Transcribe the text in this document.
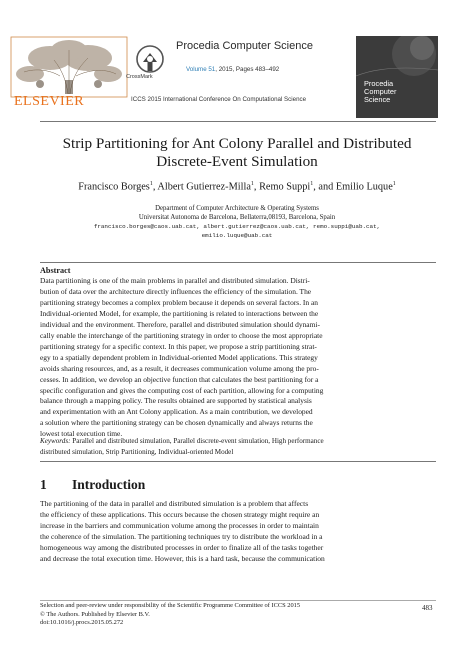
ELSEVIER
CrossMark
Procedia Computer Science
Volume 51, 2015, Pages 483–492
ICCS 2015 International Conference On Computational Science
Procedia
Computer
Science
Strip Partitioning for Ant Colony Parallel and Distributed
Discrete-Event Simulation
Francisco Borges$^1$, Albert Gutierrez-Milla$^1$, Remo Suppi$^1$, and Emilio Luque$^1$
Department of Computer Architecture & Operating Systems
Universitat Autonoma de Barcelona, Bellaterra,08193, Barcelona, Spain
francisco.borges@caos.uab.cat, albert.gutierrez@caos.uab.cat, remo.suppi@uab.cat,
emilio.luque@uab.cat
Abstract
Data partitioning is one of the main problems in parallel and distributed simulation. Distri-
bution of data over the architecture directly influences the efficiency of the simulation. The
partitioning strategy becomes a complex problem because it depends on several factors. In an
Individual-oriented Model, for example, the partitioning is related to interactions between the
individual and the environment. Therefore, parallel and distributed simulation should dynami-
cally enable the interchange of the partitioning strategy in order to choose the most appropriate
partitioning strategy for a specific context. In this paper, we propose a strip partitioning strat-
egy to a spatially dependent problem in Individual-oriented Model applications. This strategy
avoids sharing resources, and, as a result, it decreases communication volume among the pro-
cesses. In addition, we develop an objective function that calculates the best partitioning for a
specific configuration and gives the computing cost of each partition, allowing for a computing
balance through a mapping policy. The results obtained are supported by statistical analysis
and experimentation with an Ant Colony application. As a main contribution, we developed
a solution where the partitioning strategy can be chosen dynamically and always returns the
lowest total execution time.
Keywords: Parallel and distributed simulation, Parallel discrete-event simulation, High performance
distributed simulation, Strip Partitioning, Individual-oriented Model
1 Introduction
The partitioning of the data in parallel and distributed simulation is a problem that affects
the efficiency of these applications. This occurs because the chosen strategy might require an
increase in the barriers and communication volume among the processes in order to maintain
the coherence of the simulation. The partitioning techniques try to distribute the workload in a
homogeneous way among the distributed processes in order to finalize all of the tasks together
and decrease the total execution time. However, this is a hard task, because the communication
Selection and peer-review under responsibility of the Scientific Programme Committee of ICCS 2015
© The Authors. Published by Elsevier B.V.
doi:10.1016/j.procs.2015.05.272
483
